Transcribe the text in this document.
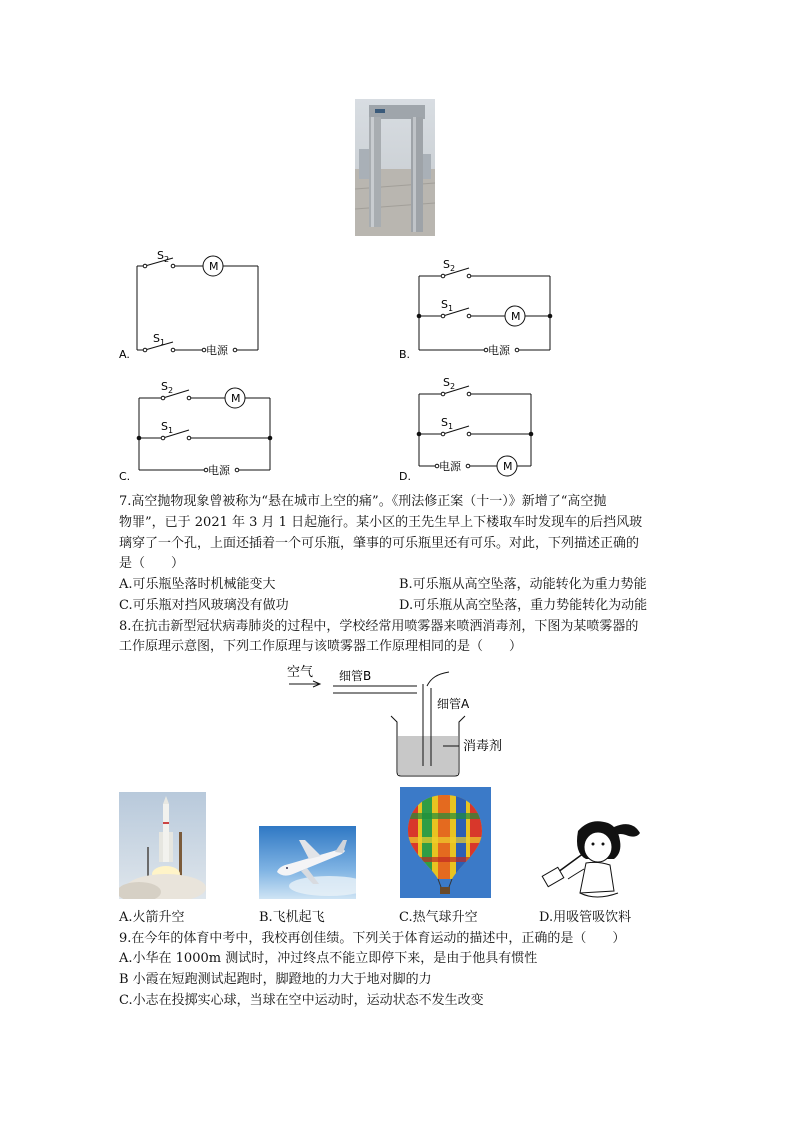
$S_2$
M
$S_1$
电源
A.
$S_2$
$S_1$
M
电源
B.
$S_2$
M
$S_1$
电源
C.
$S_2$
$S_1$
电源	M
D.
7.高空抛物现象曾被称为“悬在城市上空的痛”。《刑法修正案（十一）》新增了“高空抛
物罪”，已于 2021 年 3 月 1 日起施行。某小区的王先生早上下楼取车时发现车的后挡风玻
璃穿了一个孔，上面还插着一个可乐瓶，肇事的可乐瓶里还有可乐。对此，下列描述正确的
是（　　）
A.可乐瓶坠落时机械能变大	B.可乐瓶从高空坠落，动能转化为重力势能
C.可乐瓶对挡风玻璃没有做功	D.可乐瓶从高空坠落，重力势能转化为动能
8.在抗击新型冠状病毒肺炎的过程中，学校经常用喷雾器来喷洒消毒剂，下图为某喷雾器的
工作原理示意图，下列工作原理与该喷雾器工作原理相同的是（　　）
空气 细管B
细管A
消毒剂
A.火箭升空	B.飞机起飞	C.热气球升空	D.用吸管吸饮料
9.在今年的体育中考中，我校再创佳绩。下列关于体育运动的描述中，正确的是（　　）
A.小华在 1000m 测试时，冲过终点不能立即停下来，是由于他具有惯性
B 小霞在短跑测试起跑时，脚蹬地的力大于地对脚的力
C.小志在投掷实心球，当球在空中运动时，运动状态不发生改变
